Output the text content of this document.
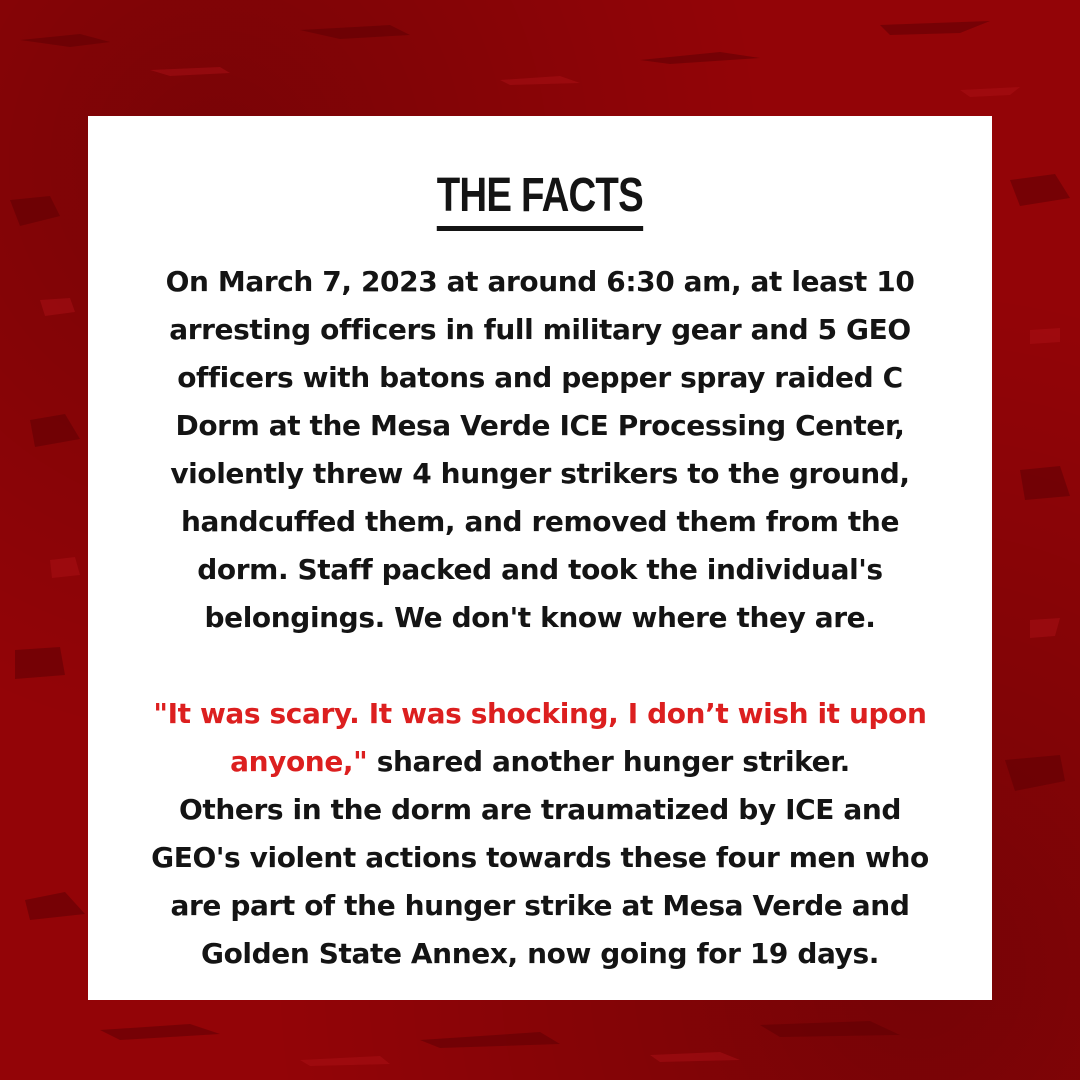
THE FACTS
On March 7, 2023 at around 6:30 am, at least 10
arresting officers in full military gear and 5 GEO
officers with batons and pepper spray raided C
Dorm at the Mesa Verde ICE Processing Center,
violently threw 4 hunger strikers to the ground,
handcuffed them, and removed them from the
dorm. Staff packed and took the individual's
belongings. We don't know where they are.
"It was scary. It was shocking, I don’t wish it upon
anyone," shared another hunger striker.
Others in the dorm are traumatized by ICE and
GEO's violent actions towards these four men who
are part of the hunger strike at Mesa Verde and
Golden State Annex, now going for 19 days.
